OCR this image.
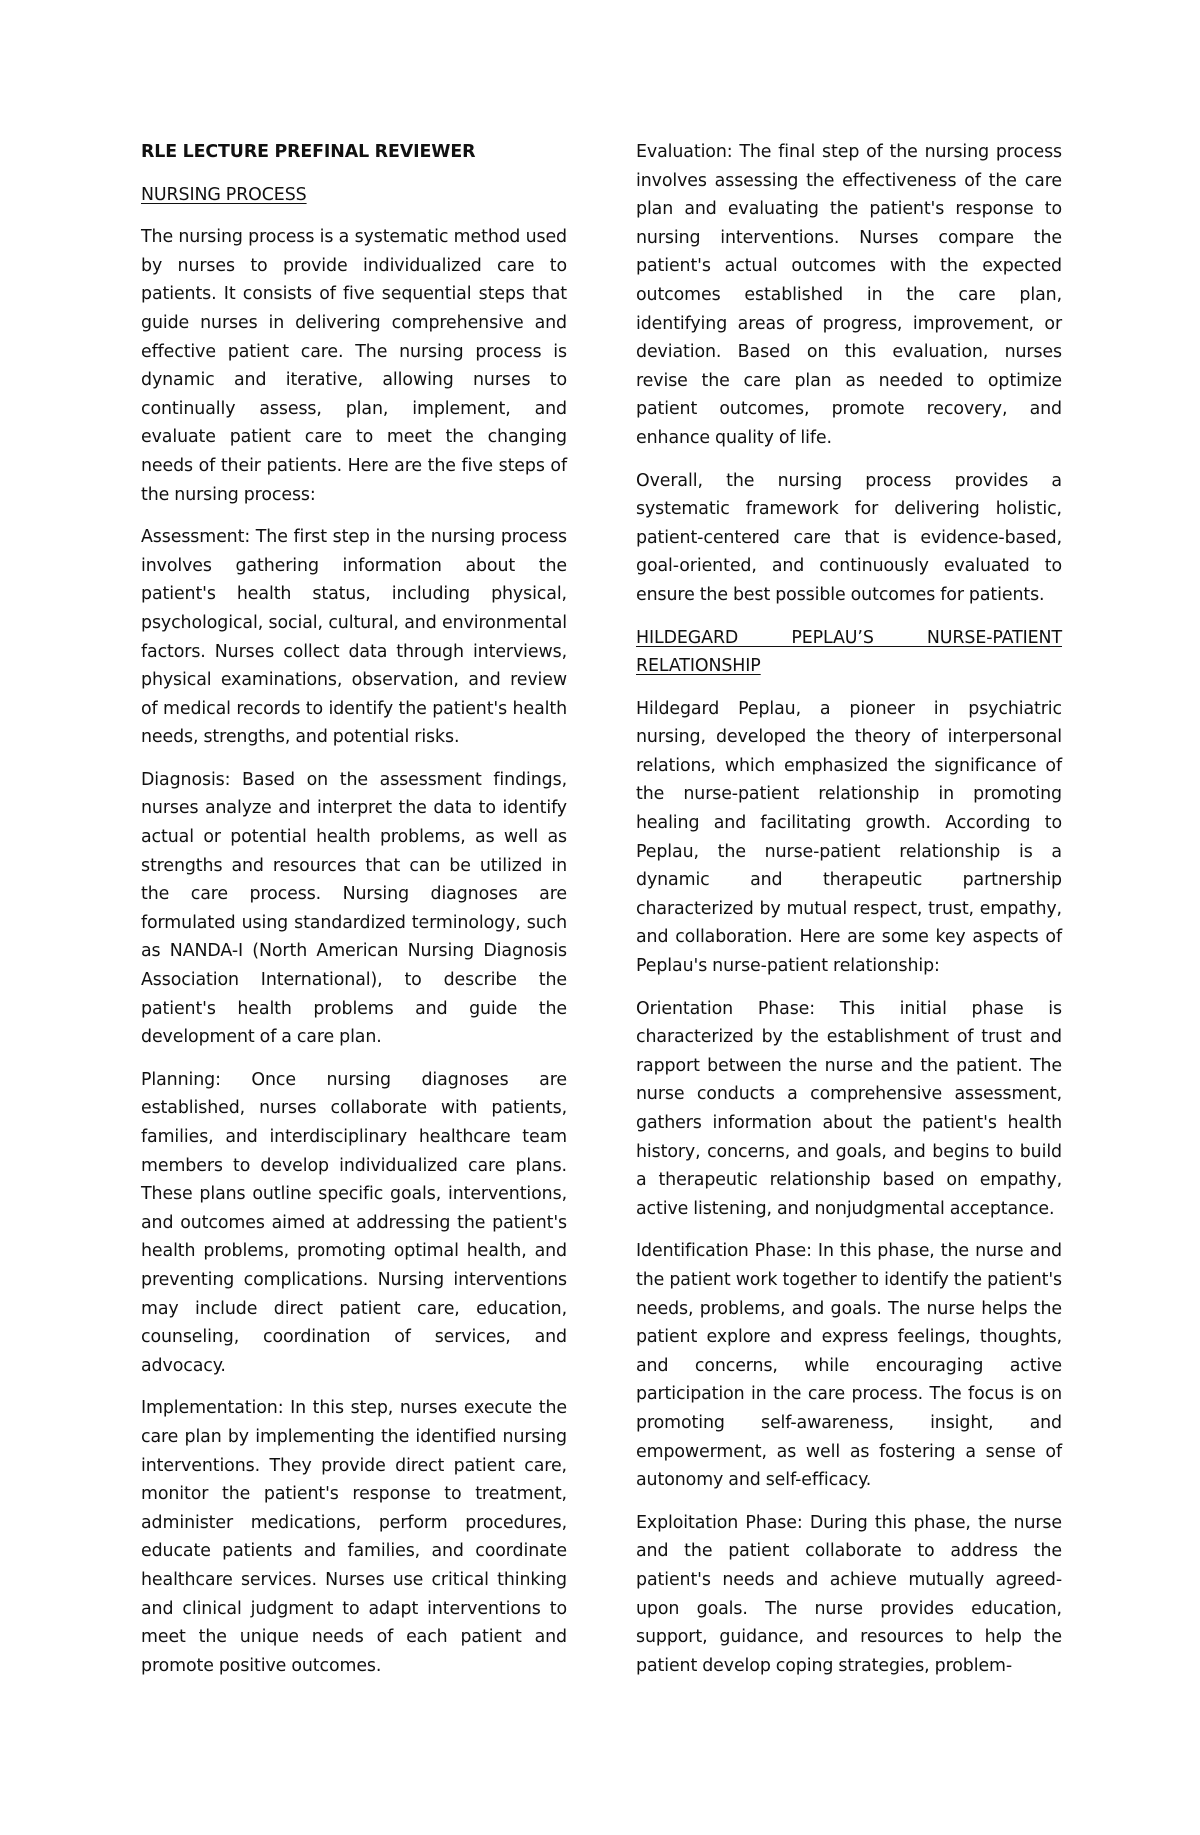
RLE LECTURE PREFINAL REVIEWER
NURSING PROCESS

The nursing process is a systematic method used by nurses to provide individualized care to patients. It consists of five sequential steps that guide nurses in delivering comprehensive and effective patient care. The nursing process is dynamic and iterative, allowing nurses to continually assess, plan, implement, and evaluate patient care to meet the changing needs of their patients. Here are the five steps of the nursing process:

Assessment: The first step in the nursing process involves gathering information about the patient's health status, including physical, psychological, social, cultural, and environmental factors. Nurses collect data through interviews, physical examinations, observation, and review of medical records to identify the patient's health needs, strengths, and potential risks.

Diagnosis: Based on the assessment findings, nurses analyze and interpret the data to identify actual or potential health problems, as well as strengths and resources that can be utilized in the care process. Nursing diagnoses are formulated using standardized terminology, such as NANDA-I (North American Nursing Diagnosis Association International), to describe the patient's health problems and guide the development of a care plan.

Planning: Once nursing diagnoses are established, nurses collaborate with patients, families, and interdisciplinary healthcare team members to develop individualized care plans. These plans outline specific goals, interventions, and outcomes aimed at addressing the patient's health problems, promoting optimal health, and preventing complications. Nursing interventions may include direct patient care, education, counseling, coordination of services, and advocacy.

Implementation: In this step, nurses execute the care plan by implementing the identified nursing interventions. They provide direct patient care, monitor the patient's response to treatment, administer medications, perform procedures, educate patients and families, and coordinate healthcare services. Nurses use critical thinking and clinical judgment to adapt interventions to meet the unique needs of each patient and promote positive outcomes.

Evaluation: The final step of the nursing process involves assessing the effectiveness of the care plan and evaluating the patient's response to nursing interventions. Nurses compare the patient's actual outcomes with the expected outcomes established in the care plan, identifying areas of progress, improvement, or deviation. Based on this evaluation, nurses revise the care plan as needed to optimize patient outcomes, promote recovery, and enhance quality of life.

Overall, the nursing process provides a systematic framework for delivering holistic, patient-centered care that is evidence-based, goal-oriented, and continuously evaluated to ensure the best possible outcomes for patients.

HILDEGARD PEPLAU’S NURSE-PATIENT RELATIONSHIP

Hildegard Peplau, a pioneer in psychiatric nursing, developed the theory of interpersonal relations, which emphasized the significance of the nurse-patient relationship in promoting healing and facilitating growth. According to Peplau, the nurse-patient relationship is a dynamic and therapeutic partnership characterized by mutual respect, trust, empathy, and collaboration. Here are some key aspects of Peplau's nurse-patient relationship:

Orientation Phase: This initial phase is characterized by the establishment of trust and rapport between the nurse and the patient. The nurse conducts a comprehensive assessment, gathers information about the patient's health history, concerns, and goals, and begins to build a therapeutic relationship based on empathy, active listening, and nonjudgmental acceptance.

Identification Phase: In this phase, the nurse and the patient work together to identify the patient's needs, problems, and goals. The nurse helps the patient explore and express feelings, thoughts, and concerns, while encouraging active participation in the care process. The focus is on promoting self-awareness, insight, and empowerment, as well as fostering a sense of autonomy and self-efficacy.

Exploitation Phase: During this phase, the nurse and the patient collaborate to address the patient's needs and achieve mutually agreed-upon goals. The nurse provides education, support, guidance, and resources to help the patient develop coping strategies, problem-
